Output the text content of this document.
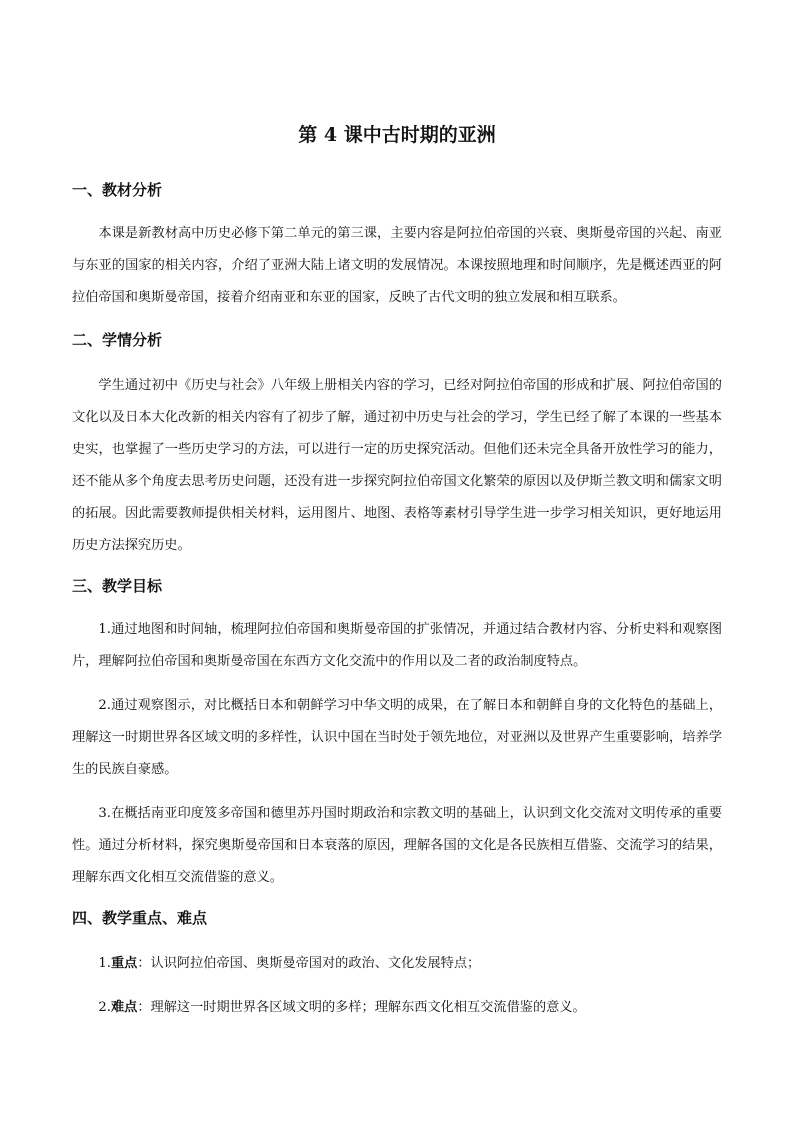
第 4 课中古时期的亚洲
一、教材分析

本课是新教材高中历史必修下第二单元的第三课，主要内容是阿拉伯帝国的兴衰、奥斯曼帝国的兴起、南亚与东亚的国家的相关内容，介绍了亚洲大陆上诸文明的发展情况。本课按照地理和时间顺序，先是概述西亚的阿拉伯帝国和奥斯曼帝国，接着介绍南亚和东亚的国家，反映了古代文明的独立发展和相互联系。

二、学情分析

学生通过初中《历史与社会》八年级上册相关内容的学习，已经对阿拉伯帝国的形成和扩展、阿拉伯帝国的文化以及日本大化改新的相关内容有了初步了解，通过初中历史与社会的学习，学生已经了解了本课的一些基本史实，也掌握了一些历史学习的方法，可以进行一定的历史探究活动。但他们还未完全具备开放性学习的能力，还不能从多个角度去思考历史问题，还没有进一步探究阿拉伯帝国文化繁荣的原因以及伊斯兰教文明和儒家文明的拓展。因此需要教师提供相关材料，运用图片、地图、表格等素材引导学生进一步学习相关知识，更好地运用历史方法探究历史。

三、教学目标

1.通过地图和时间轴，梳理阿拉伯帝国和奥斯曼帝国的扩张情况，并通过结合教材内容、分析史料和观察图片，理解阿拉伯帝国和奥斯曼帝国在东西方文化交流中的作用以及二者的政治制度特点。

2.通过观察图示，对比概括日本和朝鲜学习中华文明的成果，在了解日本和朝鲜自身的文化特色的基础上，理解这一时期世界各区域文明的多样性，认识中国在当时处于领先地位，对亚洲以及世界产生重要影响，培养学生的民族自豪感。

3.在概括南亚印度笈多帝国和德里苏丹国时期政治和宗教文明的基础上，认识到文化交流对文明传承的重要性。通过分析材料，探究奥斯曼帝国和日本衰落的原因，理解各国的文化是各民族相互借鉴、交流学习的结果，理解东西文化相互交流借鉴的意义。

四、教学重点、难点

1.重点：认识阿拉伯帝国、奥斯曼帝国对的政治、文化发展特点；

2.难点：理解这一时期世界各区域文明的多样；理解东西文化相互交流借鉴的意义。
